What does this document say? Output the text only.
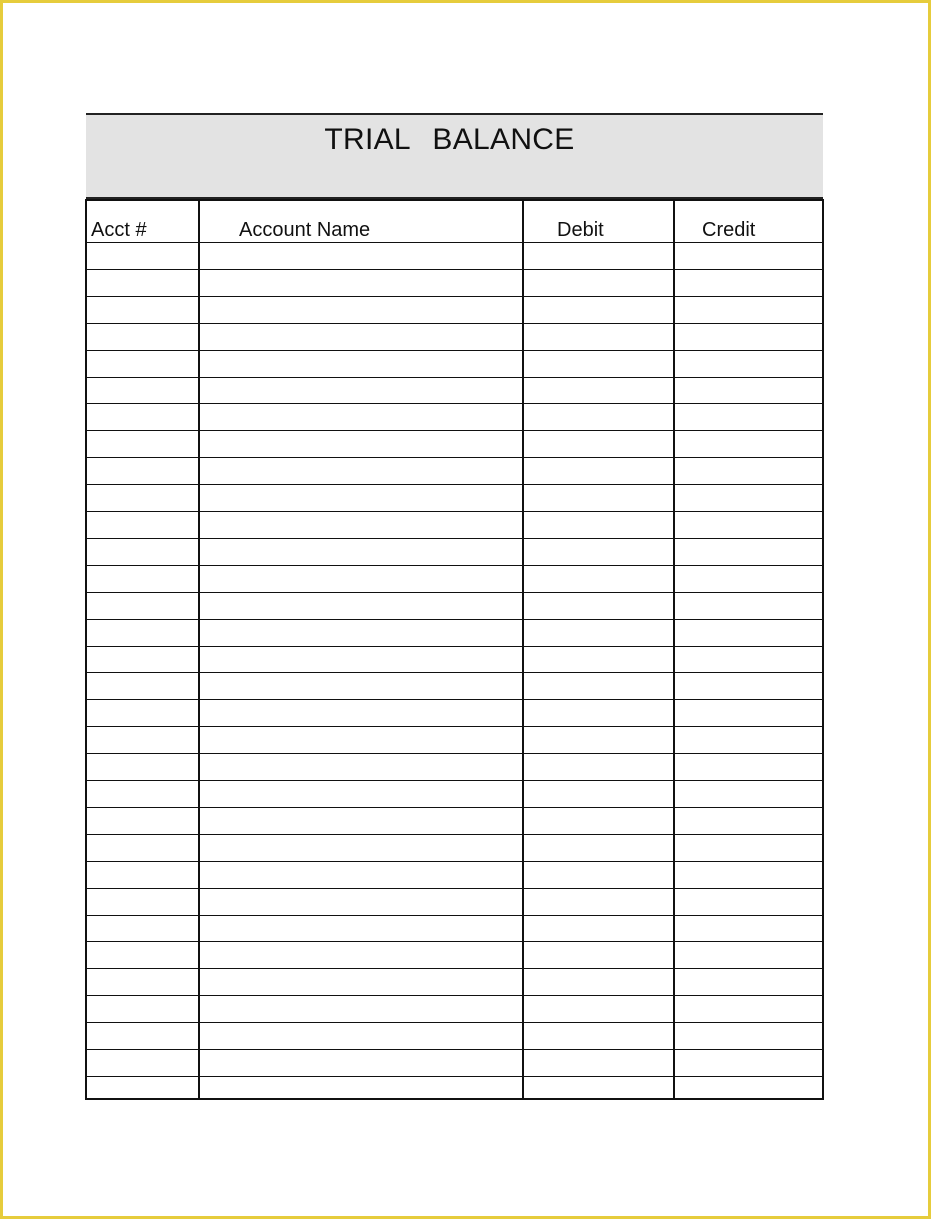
TRIAL BALANCE
Acct #	Account Name	Debit	Credit
